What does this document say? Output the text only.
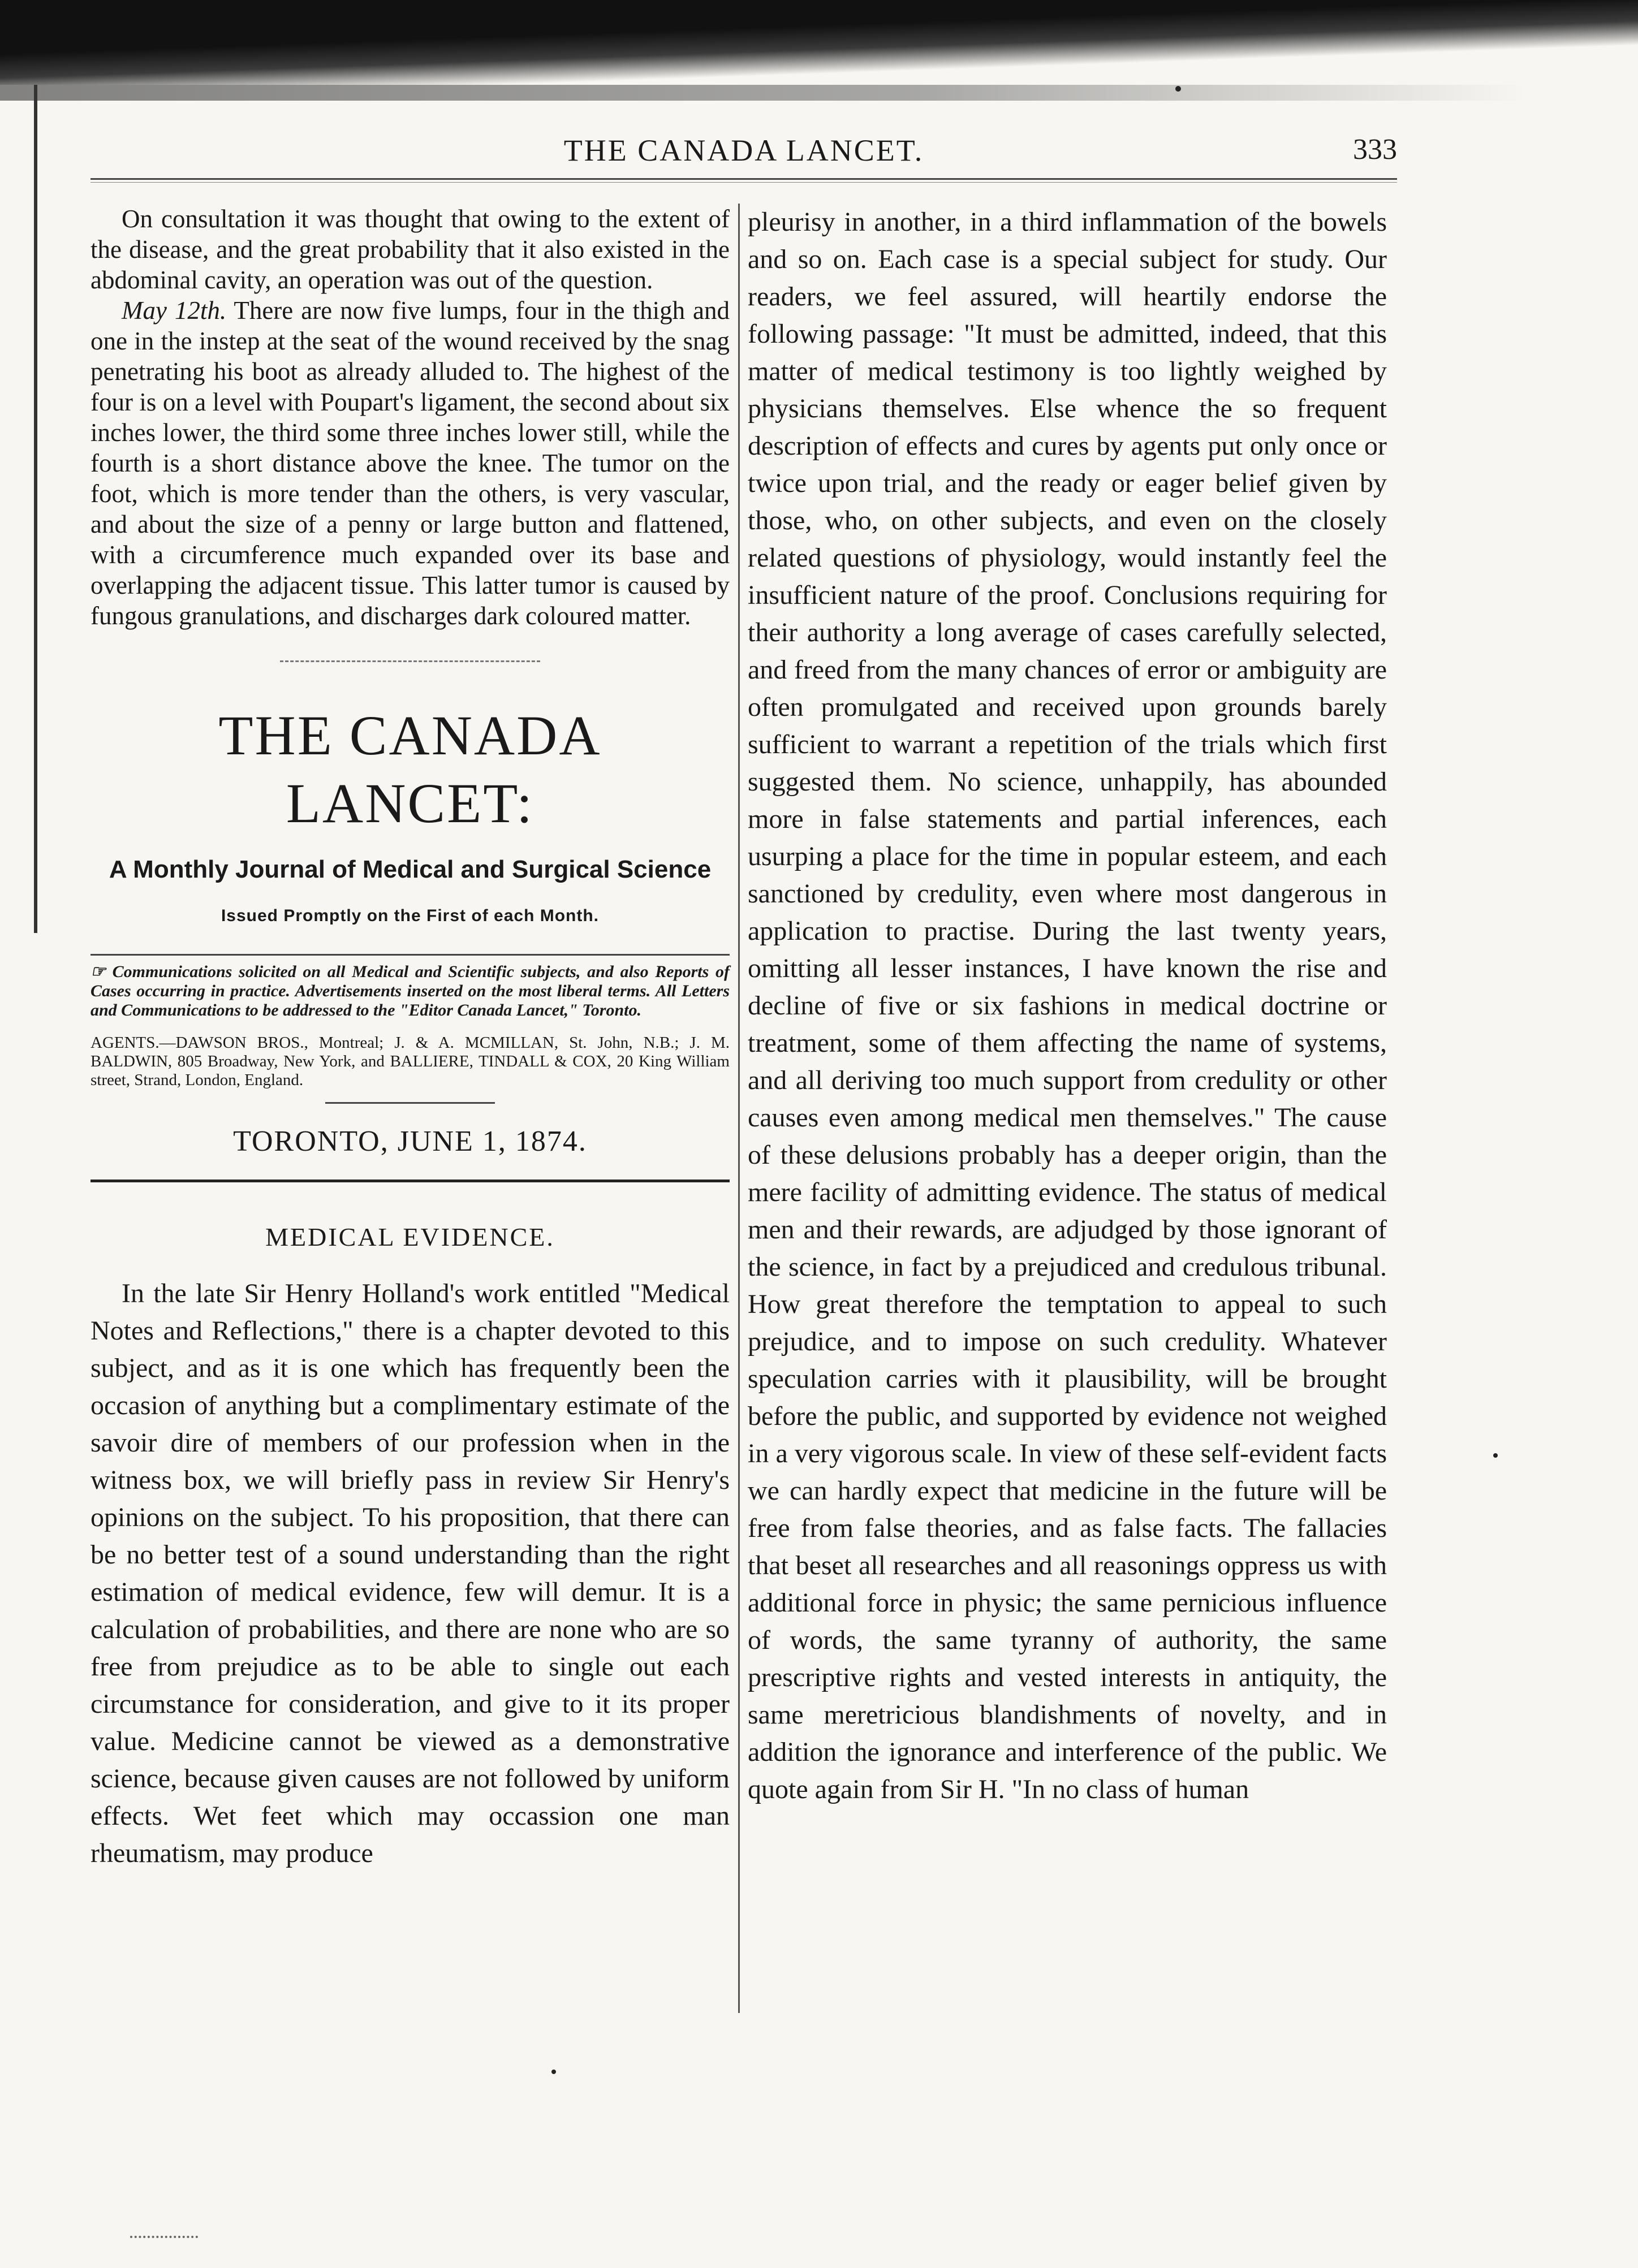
THE CANADA LANCET.	333

On consultation it was thought that owing to the extent of the disease, and the great probability that it also existed in the abdominal cavity, an operation was out of the question.

May 12th. There are now five lumps, four in the thigh and one in the instep at the seat of the wound received by the snag penetrating his boot as already alluded to. The highest of the four is on a level with Poupart's ligament, the second about six inches lower, the third some three inches lower still, while the fourth is a short distance above the knee. The tumor on the foot, which is more tender than the others, is very vascular, and about the size of a penny or large button and flattened, with a circumference much expanded over its base and overlapping the adjacent tissue. This latter tumor is caused by fungous granulations, and discharges dark coloured matter.

THE CANADA LANCET:
A Monthly Journal of Medical and Surgical Science
Issued Promptly on the First of each Month.

☞ Communications solicited on all Medical and Scientific subjects, and also Reports of Cases occurring in practice. Advertisements inserted on the most liberal terms. All Letters and Communications to be addressed to the "Editor Canada Lancet," Toronto.

AGENTS.—DAWSON BROS., Montreal; J. & A. MCMILLAN, St. John, N.B.; J. M. BALDWIN, 805 Broadway, New York, and BALLIERE, TINDALL & COX, 20 King William street, Strand, London, England.

TORONTO, JUNE 1, 1874.
MEDICAL EVIDENCE.

In the late Sir Henry Holland's work entitled "Medical Notes and Reflections," there is a chapter devoted to this subject, and as it is one which has frequently been the occasion of anything but a complimentary estimate of the savoir dire of members of our profession when in the witness box, we will briefly pass in review Sir Henry's opinions on the subject. To his proposition, that there can be no better test of a sound understanding than the right estimation of medical evidence, few will demur. It is a calculation of probabilities, and there are none who are so free from prejudice as to be able to single out each circumstance for consideration, and give to it its proper value. Medicine cannot be viewed as a demonstrative science, because given causes are not followed by uniform effects. Wet feet which may occassion one man rheumatism, may produce

pleurisy in another, in a third inflammation of the bowels and so on. Each case is a special subject for study. Our readers, we feel assured, will heartily endorse the following passage: "It must be admitted, indeed, that this matter of medical testimony is too lightly weighed by physicians themselves. Else whence the so frequent description of effects and cures by agents put only once or twice upon trial, and the ready or eager belief given by those, who, on other subjects, and even on the closely related questions of physiology, would instantly feel the insufficient nature of the proof. Conclusions requiring for their authority a long average of cases carefully selected, and freed from the many chances of error or ambiguity are often promulgated and received upon grounds barely sufficient to warrant a repetition of the trials which first suggested them. No science, unhappily, has abounded more in false statements and partial inferences, each usurping a place for the time in popular esteem, and each sanctioned by credulity, even where most dangerous in application to practise. During the last twenty years, omitting all lesser instances, I have known the rise and decline of five or six fashions in medical doctrine or treatment, some of them affecting the name of systems, and all deriving too much support from credulity or other causes even among medical men themselves." The cause of these delusions probably has a deeper origin, than the mere facility of admitting evidence. The status of medical men and their rewards, are adjudged by those ignorant of the science, in fact by a prejudiced and credulous tribunal. How great therefore the temptation to appeal to such prejudice, and to impose on such credulity. Whatever speculation carries with it plausibility, will be brought before the public, and supported by evidence not weighed in a very vigorous scale. In view of these self-evident facts we can hardly expect that medicine in the future will be free from false theories, and as false facts. The fallacies that beset all researches and all reasonings oppress us with additional force in physic; the same pernicious influence of words, the same tyranny of authority, the same prescriptive rights and vested interests in antiquity, the same meretricious blandishments of novelty, and in addition the ignorance and interference of the public. We quote again from Sir H. "In no class of human
